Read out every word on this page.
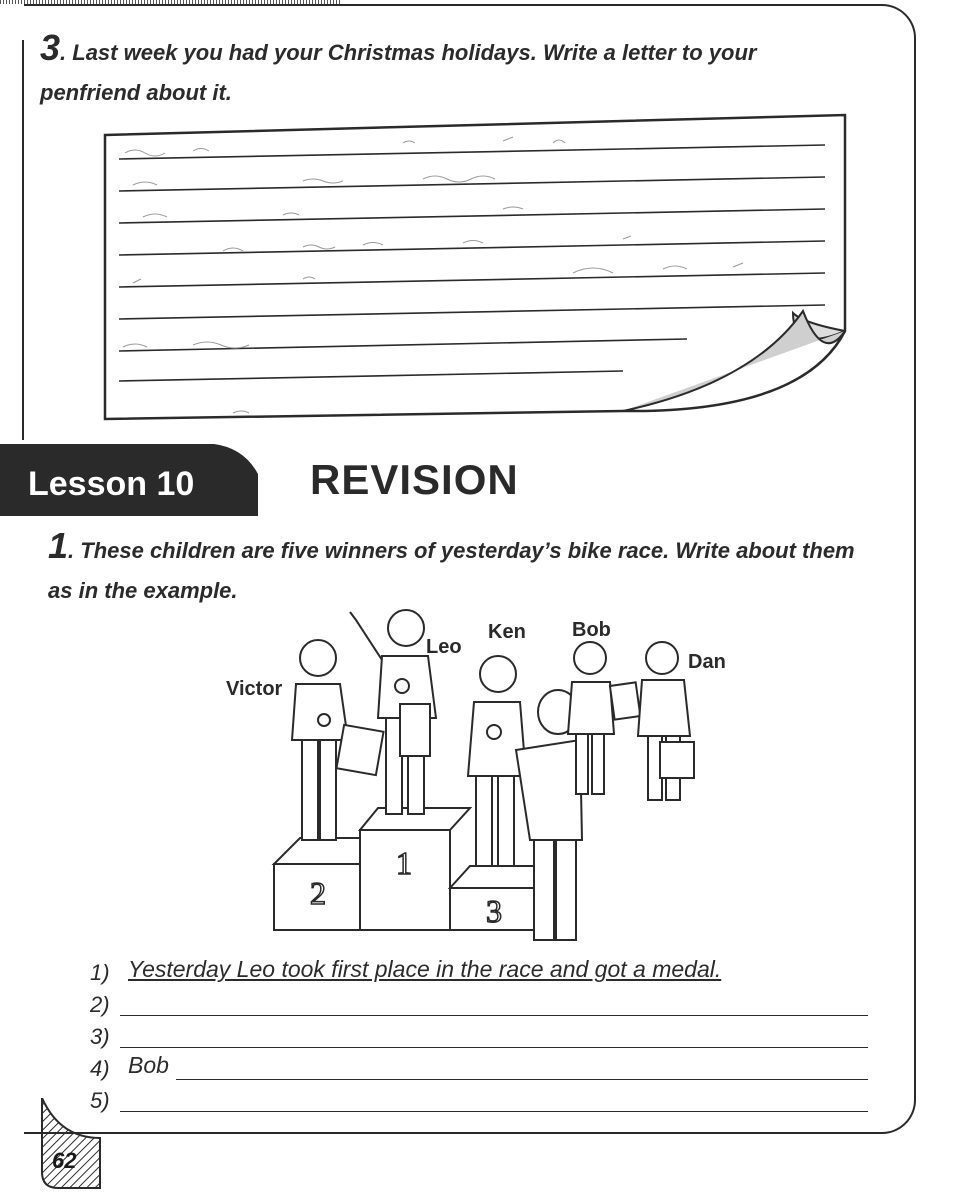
3. Last week you had your Christmas holidays. Write a letter to your penfriend about it.
Lesson 10	REVISION
1. These children are five winners of yesterday’s bike race. Write about them as in the example.
1
2	3
Victor
Leo
Ken Bob
Dan
1) Yesterday Leo took first place in the race and got a medal.
2)
3)
4) Bob
5)
62
